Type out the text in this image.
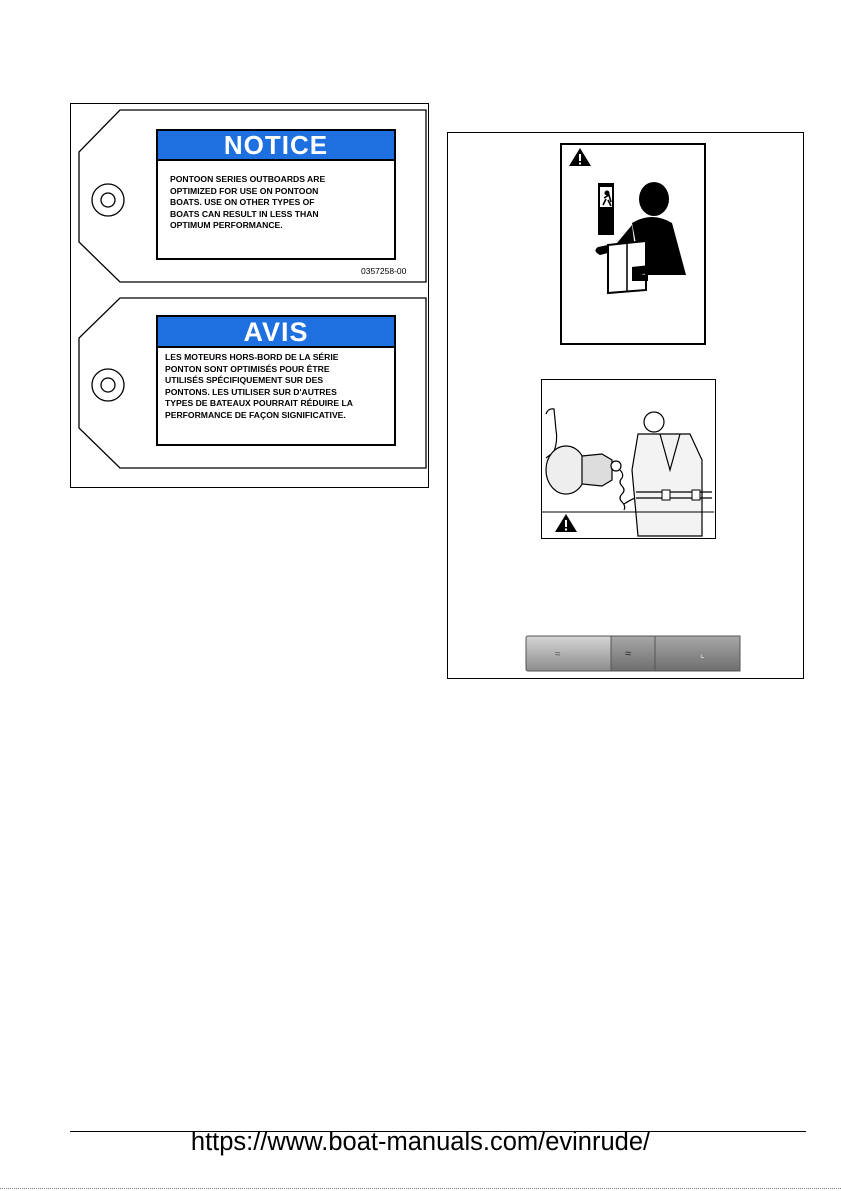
NOTICE
PONTOON SERIES OUTBOARDS ARE
OPTIMIZED FOR USE ON PONTOON
BOATS. USE ON OTHER TYPES OF
BOATS CAN RESULT IN LESS THAN
OPTIMUM PERFORMANCE.
0357258-00
AVIS
LES MOTEURS HORS-BORD DE LA SÉRIE
PONTON SONT OPTIMISÉS POUR ÊTRE
UTILISÉS SPÉCIFIQUEMENT SUR DES
PONTONS. LES UTILISER SUR D'AUTRES
TYPES DE BATEAUX POURRAIT RÉDUIRE LA
PERFORMANCE DE FAÇON SIGNIFICATIVE.
≈	≈	⌞
https://www.boat-manuals.com/evinrude/
